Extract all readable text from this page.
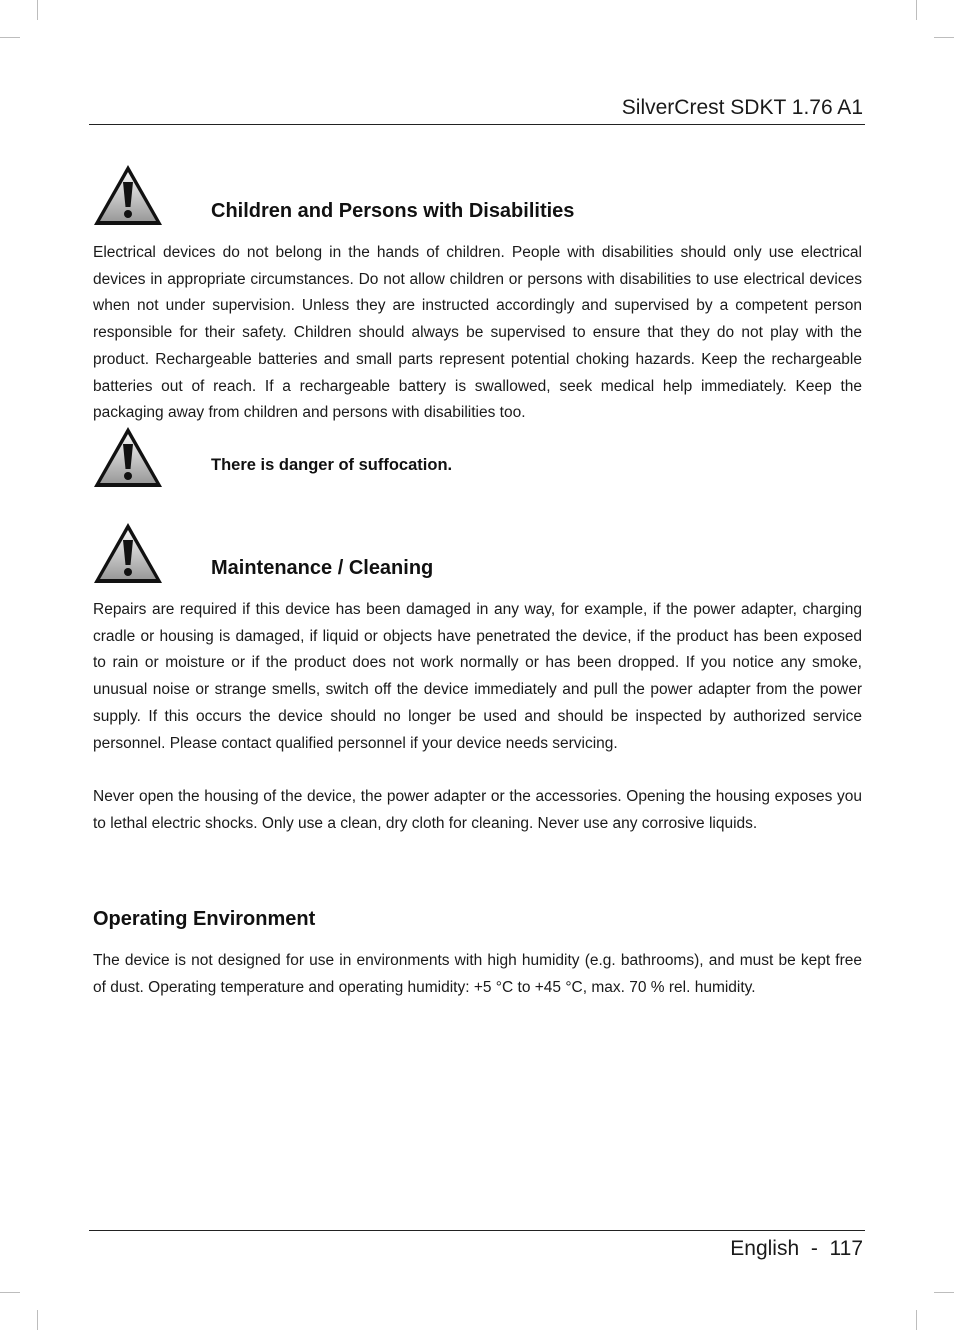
SilverCrest SDKT 1.76 A1
Children and Persons with Disabilities

Electrical devices do not belong in the hands of children. People with disabilities should only use electrical devices in appropriate circumstances. Do not allow children or persons with disabilities to use electrical devices when not under supervision. Unless they are instructed accordingly and supervised by a competent person responsible for their safety. Children should always be supervised to ensure that they do not play with the product. Rechargeable batteries and small parts represent potential choking hazards. Keep the rechargeable batteries out of reach. If a rechargeable battery is swallowed, seek medical help immediately. Keep the packaging away from children and persons with disabilities too.

There is danger of suffocation.
Maintenance / Cleaning

Repairs are required if this device has been damaged in any way, for example, if the power adapter, charging cradle or housing is damaged, if liquid or objects have penetrated the device, if the product has been exposed to rain or moisture or if the product does not work normally or has been dropped. If you notice any smoke, unusual noise or strange smells, switch off the device immediately and pull the power adapter from the power supply. If this occurs the device should no longer be used and should be inspected by authorized service personnel. Please contact qualified personnel if your device needs servicing.

Never open the housing of the device, the power adapter or the accessories. Opening the housing exposes you to lethal electric shocks. Only use a clean, dry cloth for cleaning. Never use any corrosive liquids.

Operating Environment

The device is not designed for use in environments with high humidity (e.g. bathrooms), and must be kept free of dust. Operating temperature and operating humidity: +5 °C to +45 °C, max. 70 % rel. humidity.

English - 117
